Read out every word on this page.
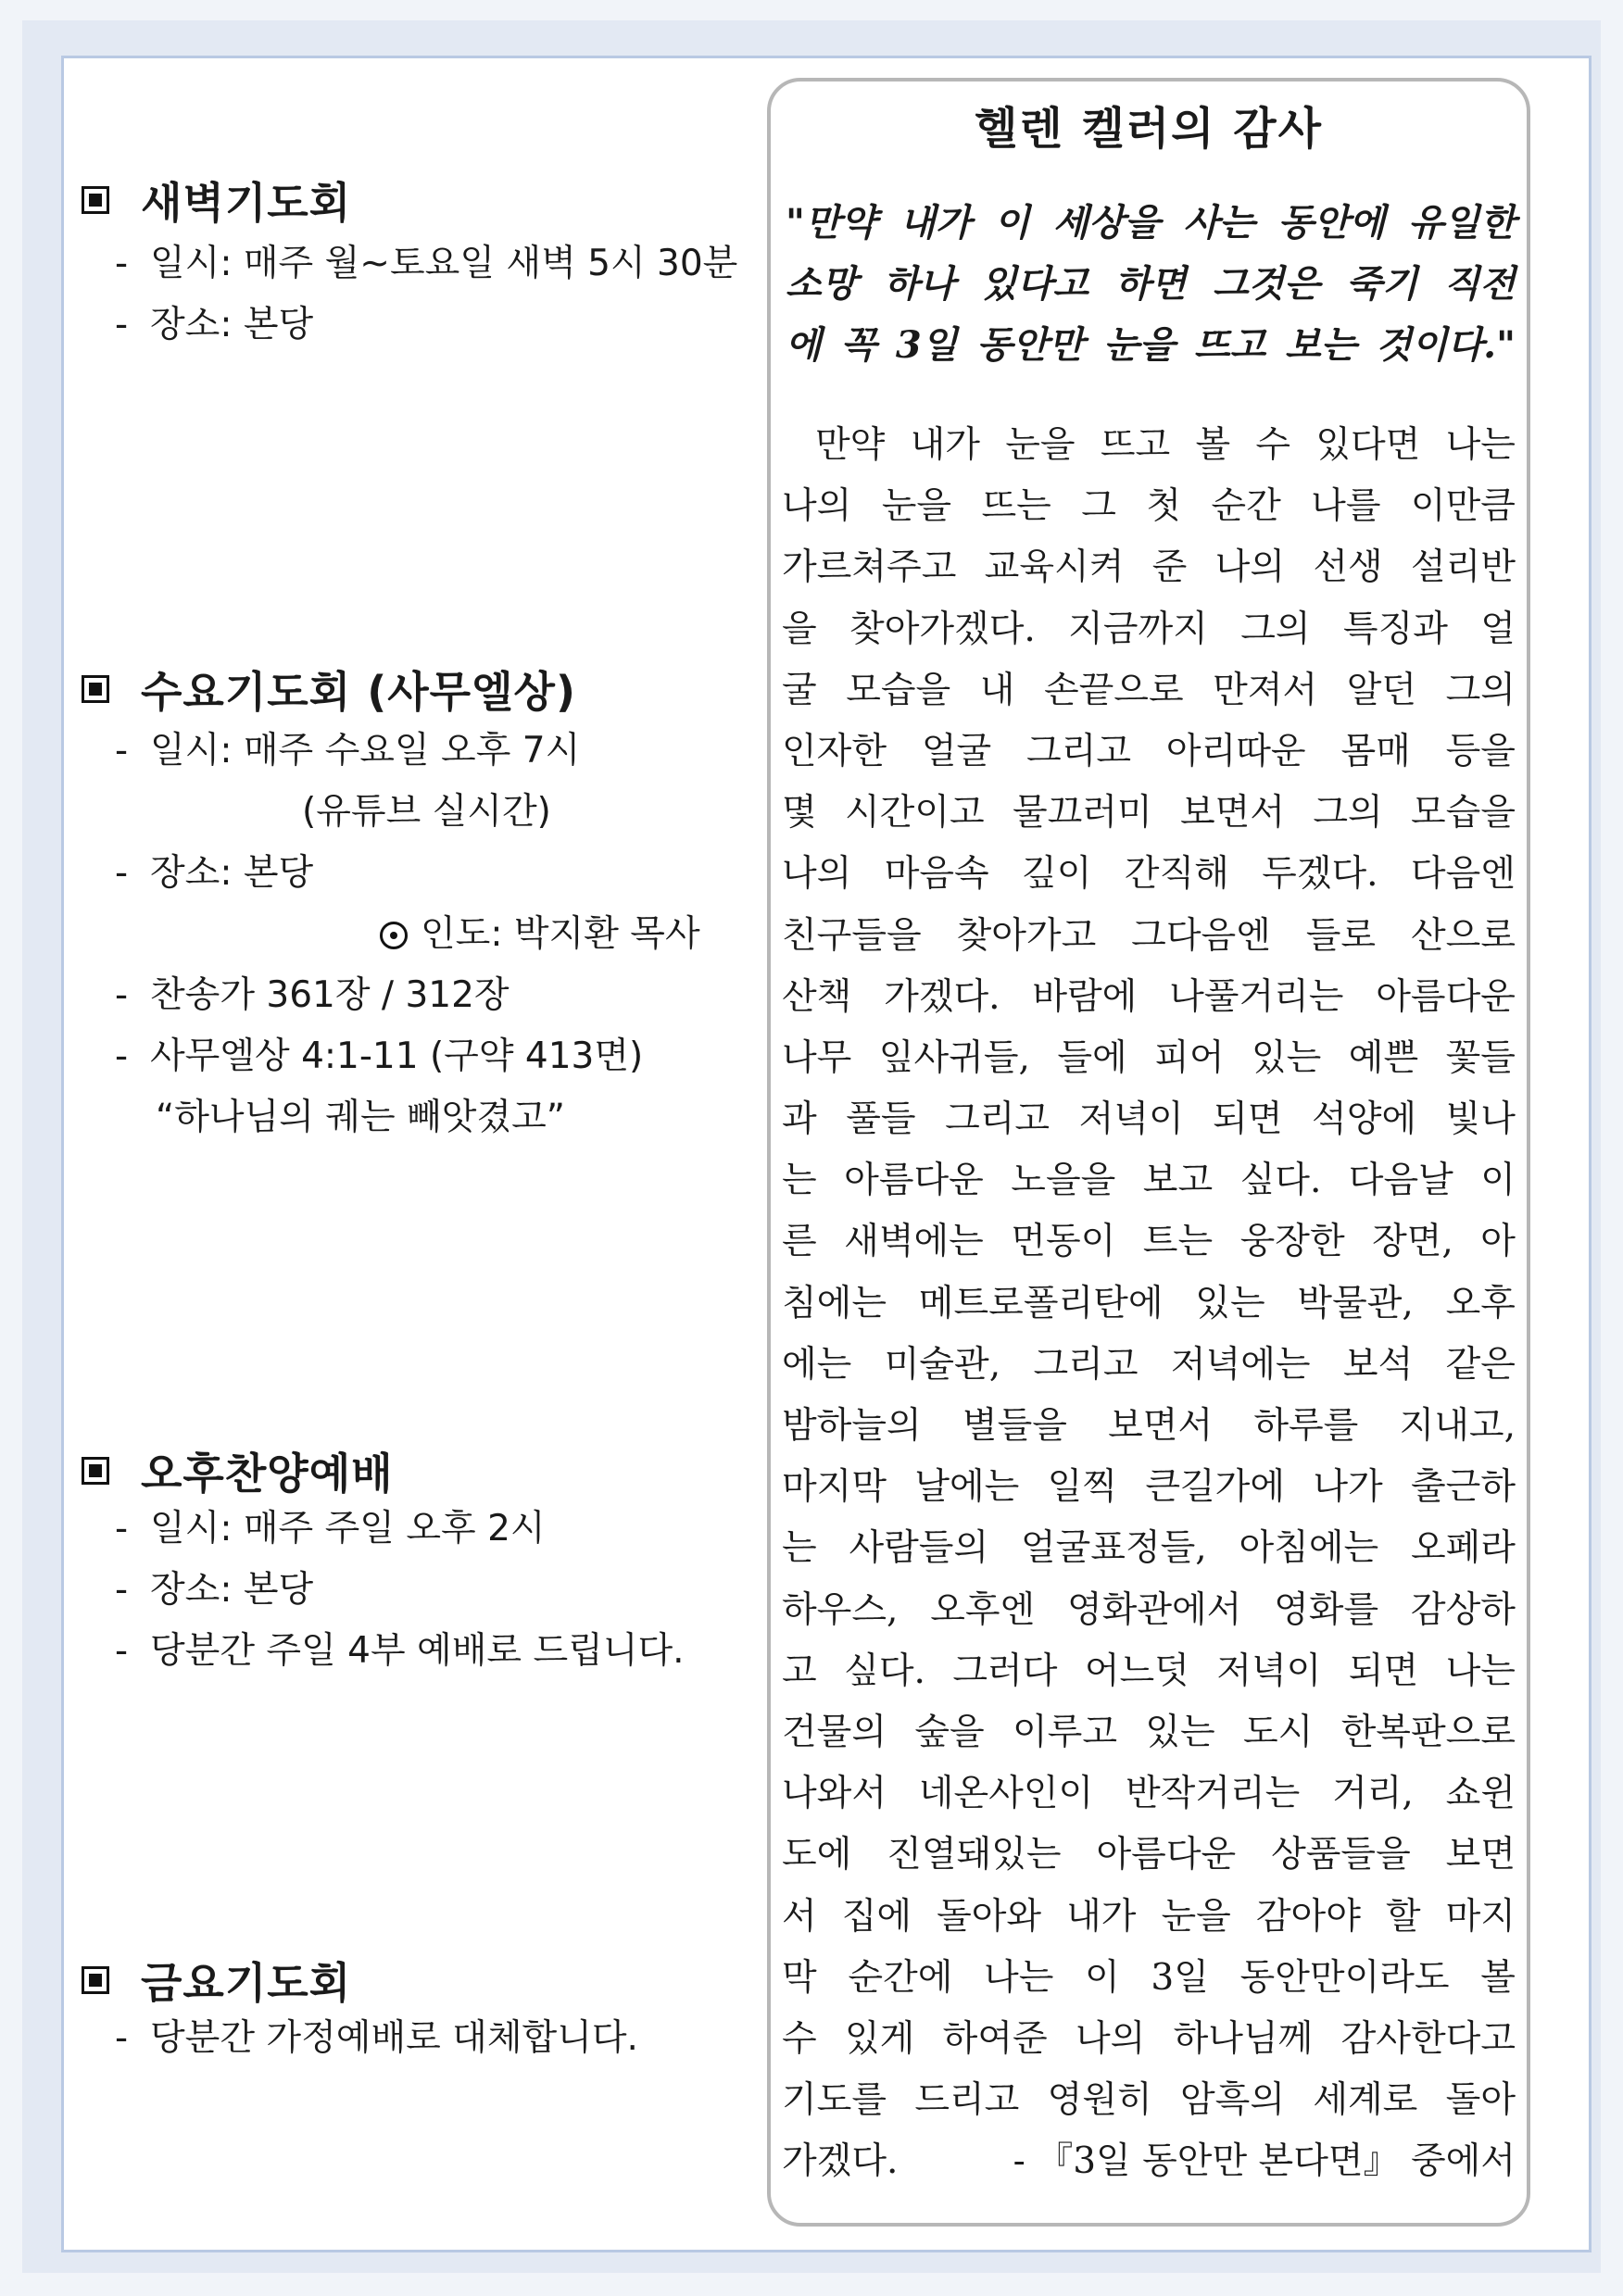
새벽기도회
- 일시: 매주 월~토요일 새벽 5시 30분
- 장소: 본당
수요기도회 (사무엘상)
- 일시: 매주 수요일 오후 7시
(유튜브 실시간)
- 장소: 본당
인도: 박지환 목사
- 찬송가 361장 / 312장
- 사무엘상 4:1-11 (구약 413면)
“하나님의 궤는 빼앗겼고”
오후찬양예배
- 일시: 매주 주일 오후 2시
- 장소: 본당
- 당분간 주일 4부 예배로 드립니다.
금요기도회
- 당분간 가정예배로 대체합니다.
헬렌 켈러의 감사
"만약 내가 이 세상을 사는 동안에 유일한
소망 하나 있다고 하면 그것은 죽기 직전
에 꼭 3일 동안만 눈을 뜨고 보는 것이다."
만약 내가 눈을 뜨고 볼 수 있다면 나는
나의 눈을 뜨는 그 첫 순간 나를 이만큼
가르쳐주고 교육시켜 준 나의 선생 설리반
을 찾아가겠다. 지금까지 그의 특징과 얼
굴 모습을 내 손끝으로 만져서 알던 그의
인자한 얼굴 그리고 아리따운 몸매 등을
몇 시간이고 물끄러미 보면서 그의 모습을
나의 마음속 깊이 간직해 두겠다. 다음엔
친구들을 찾아가고 그다음엔 들로 산으로
산책 가겠다. 바람에 나풀거리는 아름다운
나무 잎사귀들, 들에 피어 있는 예쁜 꽃들
과 풀들 그리고 저녁이 되면 석양에 빛나
는 아름다운 노을을 보고 싶다. 다음날 이
른 새벽에는 먼동이 트는 웅장한 장면, 아
침에는 메트로폴리탄에 있는 박물관, 오후
에는 미술관, 그리고 저녁에는 보석 같은
밤하늘의 별들을 보면서 하루를 지내고,
마지막 날에는 일찍 큰길가에 나가 출근하
는 사람들의 얼굴표정들, 아침에는 오페라
하우스, 오후엔 영화관에서 영화를 감상하
고 싶다. 그러다 어느덧 저녁이 되면 나는
건물의 숲을 이루고 있는 도시 한복판으로
나와서 네온사인이 반작거리는 거리, 쇼윈
도에 진열돼있는 아름다운 상품들을 보면
서 집에 돌아와 내가 눈을 감아야 할 마지
막 순간에 나는 이 3일 동안만이라도 볼
수 있게 하여준 나의 하나님께 감사한다고
기도를 드리고 영원히 암흑의 세계로 돌아
가겠다.	- 『3일 동안만 본다면』 중에서
